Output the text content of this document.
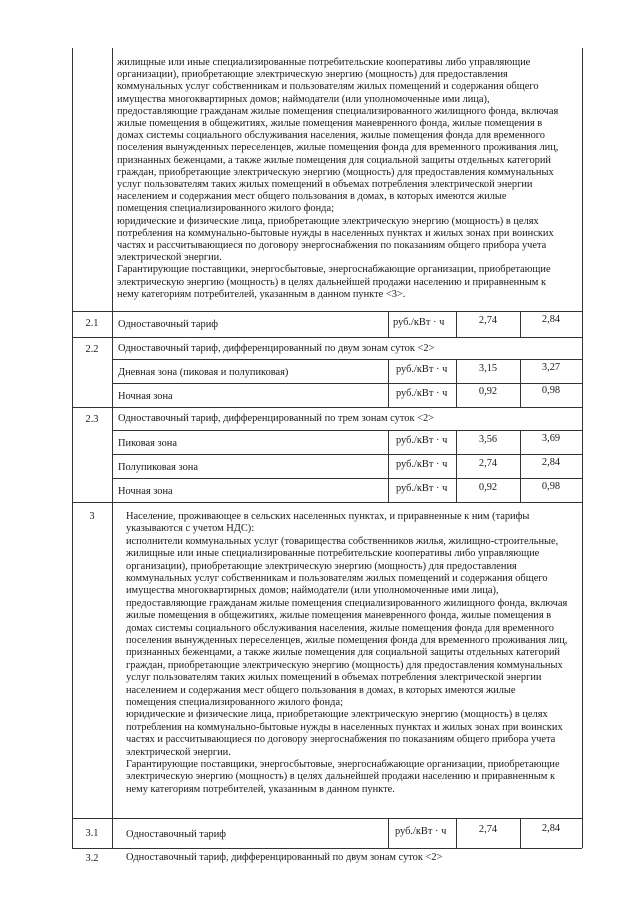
жилищные или иные специализированные потребительские кооперативы либо управляющие
организации), приобретающие электрическую энергию (мощность) для предоставления
коммунальных услуг собственникам и пользователям жилых помещений и содержания общего
имущества многоквартирных домов; наймодатели (или уполномоченные ими лица),
предоставляющие гражданам жилые помещения специализированного жилищного фонда, включая
жилые помещения в общежитиях, жилые помещения маневренного фонда, жилые помещения в
домах системы социального обслуживания населения, жилые помещения фонда для временного
поселения вынужденных переселенцев, жилые помещения фонда для временного проживания лиц,
признанных беженцами, а также жилые помещения для социальной защиты отдельных категорий
граждан, приобретающие электрическую энергию (мощность) для предоставления коммунальных
услуг пользователям таких жилых помещений в объемах потребления электрической энергии
населением и содержания мест общего пользования в домах, в которых имеются жилые
помещения специализированного жилого фонда;
юридические и физические лица, приобретающие электрическую энергию (мощность) в целях
потребления на коммунально-бытовые нужды в населенных пунктах и жилых зонах при воинских
частях и рассчитывающиеся по договору энергоснабжения по показаниям общего прибора учета
электрической энергии.
Гарантирующие поставщики, энергосбытовые, энергоснабжающие организации, приобретающие
электрическую энергию (мощность) в целях дальнейшей продажи населению и приравненным к
нему категориям потребителей, указанным в данном пункте <3>.
2.1	Одноставочный тариф	руб./кВт · ч	2,74	2,84
2.2	Одноставочный тариф, дифференцированный по двум зонам суток <2>
Дневная зона (пиковая и полупиковая)	руб./кВт · ч	3,15	3,27
Ночная зона	руб./кВт · ч	0,92	0,98
2.3	Одноставочный тариф, дифференцированный по трем зонам суток <2>
Пиковая зона	руб./кВт · ч	3,56	3,69
Полупиковая зона	руб./кВт · ч	2,74	2,84
Ночная зона	руб./кВт · ч	0,92	0,98
3	Население, проживающее в сельских населенных пунктах, и приравненные к ним (тарифы
указываются с учетом НДС):
исполнители коммунальных услуг (товарищества собственников жилья, жилищно-строительные,
жилищные или иные специализированные потребительские кооперативы либо управляющие
организации), приобретающие электрическую энергию (мощность) для предоставления
коммунальных услуг собственникам и пользователям жилых помещений и содержания общего
имущества многоквартирных домов; наймодатели (или уполномоченные ими лица),
предоставляющие гражданам жилые помещения специализированного жилищного фонда, включая
жилые помещения в общежитиях, жилые помещения маневренного фонда, жилые помещения в
домах системы социального обслуживания населения, жилые помещения фонда для временного
поселения вынужденных переселенцев, жилые помещения фонда для временного проживания лиц,
признанных беженцами, а также жилые помещения для социальной защиты отдельных категорий
граждан, приобретающие электрическую энергию (мощность) для предоставления коммунальных
услуг пользователям таких жилых помещений в объемах потребления электрической энергии
населением и содержания мест общего пользования в домах, в которых имеются жилые
помещения специализированного жилого фонда;
юридические и физические лица, приобретающие электрическую энергию (мощность) в целях
потребления на коммунально-бытовые нужды в населенных пунктах и жилых зонах при воинских
частях и рассчитывающиеся по договору энергоснабжения по показаниям общего прибора учета
электрической энергии.
Гарантирующие поставщики, энергосбытовые, энергоснабжающие организации, приобретающие
электрическую энергию (мощность) в целях дальнейшей продажи населению и приравненным к
нему категориям потребителей, указанным в данном пункте.
3.1	Одноставочный тариф	руб./кВт · ч	2,74	2,84
3.2	Одноставочный тариф, дифференцированный по двум зонам суток <2>
